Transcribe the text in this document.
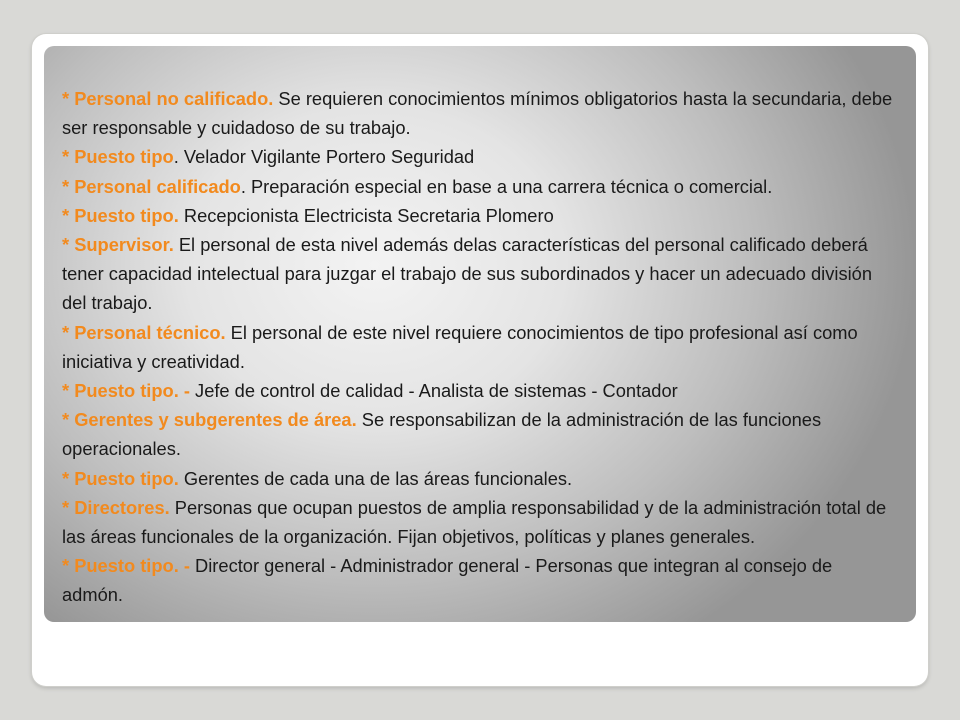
* Personal no calificado. Se requieren conocimientos mínimos obligatorios hasta la secundaria, debe ser responsable y cuidadoso de su trabajo.

* Puesto tipo. Velador Vigilante Portero Seguridad

* Personal calificado. Preparación especial en base a una carrera técnica o comercial.

* Puesto tipo. Recepcionista Electricista Secretaria Plomero

* Supervisor. El personal de esta nivel además delas características del personal calificado deberá tener capacidad intelectual para juzgar el trabajo de sus subordinados y hacer un adecuado división del trabajo.

* Personal técnico. El personal de este nivel requiere conocimientos de tipo profesional así como iniciativa y creatividad.

* Puesto tipo. - Jefe de control de calidad - Analista de sistemas - Contador

* Gerentes y subgerentes de área. Se responsabilizan de la administración de las funciones operacionales.

* Puesto tipo. Gerentes de cada una de las áreas funcionales.

* Directores. Personas que ocupan puestos de amplia responsabilidad y de la administración total de las áreas funcionales de la organización. Fijan objetivos, políticas y planes generales.

* Puesto tipo. - Director general - Administrador general - Personas que integran al consejo de admón.
